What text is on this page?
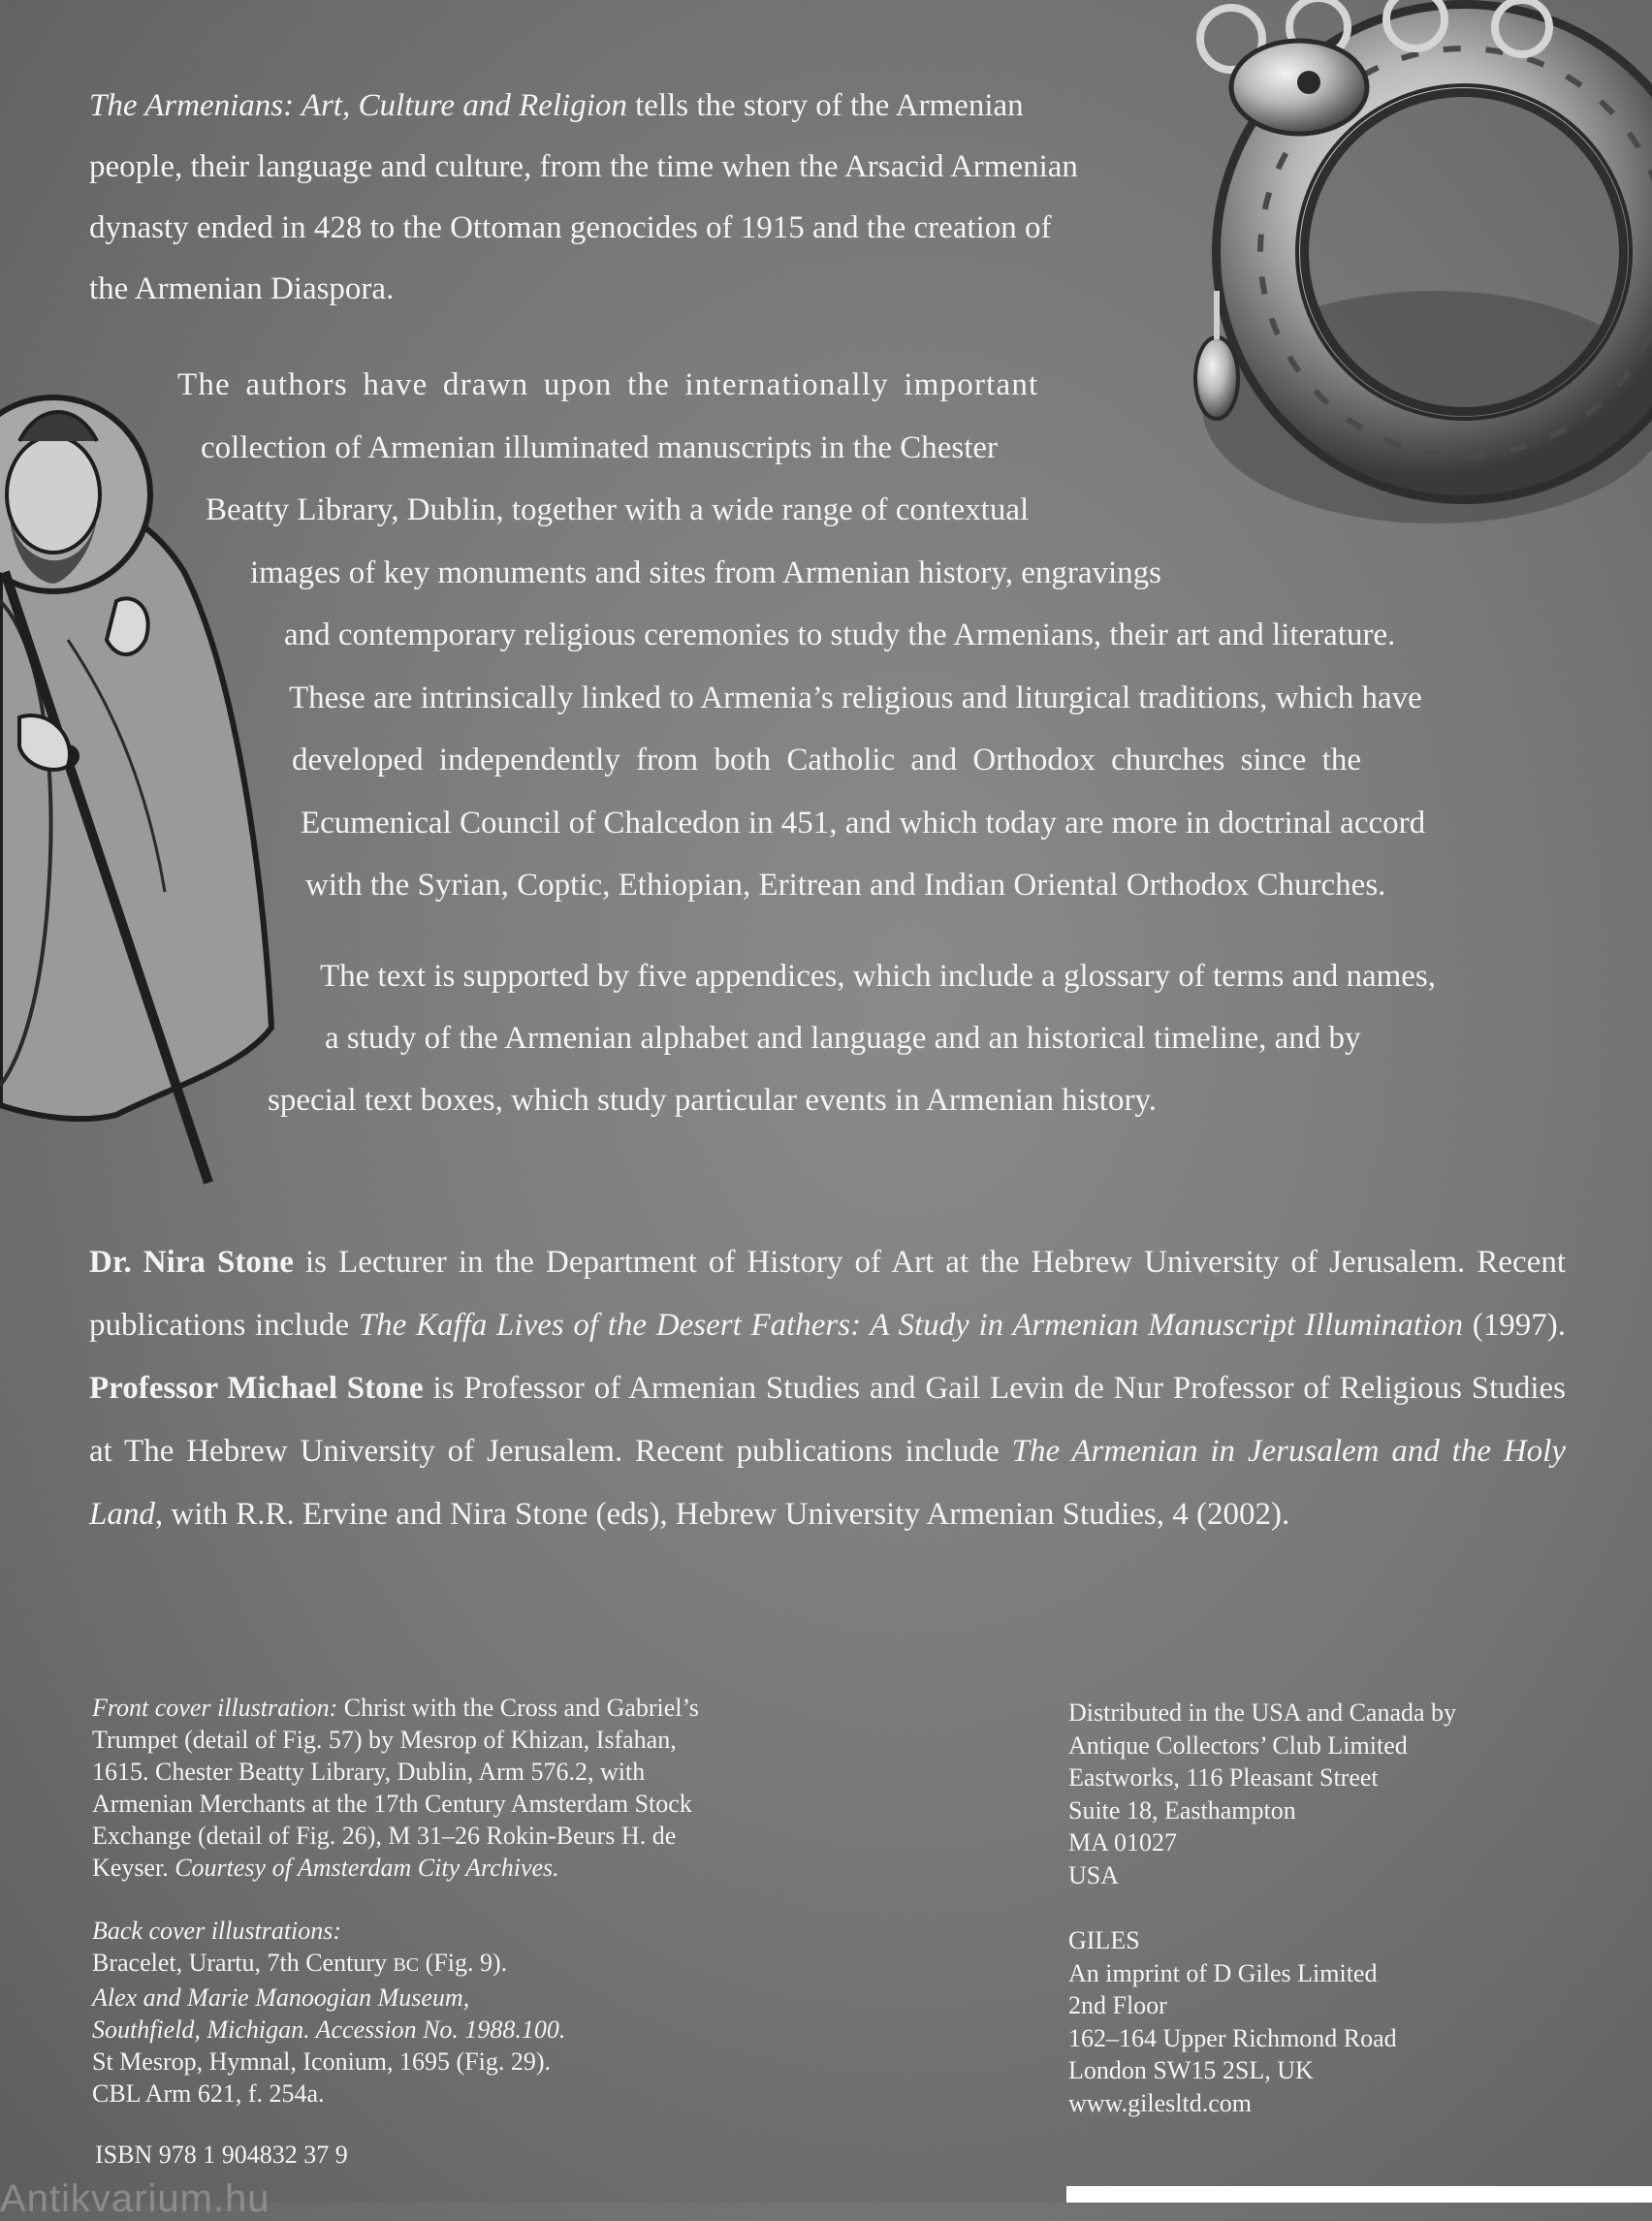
The Armenians: Art, Culture and Religion tells the story of the Armenian

people, their language and culture, from the time when the Arsacid Armenian

dynasty ended in 428 to the Ottoman genocides of 1915 and the creation of

the Armenian Diaspora.

The authors have drawn upon the internationally important

collection of Armenian illuminated manuscripts in the Chester

Beatty Library, Dublin, together with a wide range of contextual

images of key monuments and sites from Armenian history, engravings

and contemporary religious ceremonies to study the Armenians, their art and literature.

These are intrinsically linked to Armenia’s religious and liturgical traditions, which have

developed independently from both Catholic and Orthodox churches since the

Ecumenical Council of Chalcedon in 451, and which today are more in doctrinal accord

with the Syrian, Coptic, Ethiopian, Eritrean and Indian Oriental Orthodox Churches.

The text is supported by five appendices, which include a glossary of terms and names,

a study of the Armenian alphabet and language and an historical timeline, and by

special text boxes, which study particular events in Armenian history.

Dr. Nira Stone is Lecturer in the Department of History of Art at the Hebrew University of Jerusalem. Recent publications include The Kaffa Lives of the Desert Fathers: A Study in Armenian Manuscript Illumination (1997). Professor Michael Stone is Professor of Armenian Studies and Gail Levin de Nur Professor of Religious Studies at The Hebrew University of Jerusalem. Recent publications include The Armenian in Jerusalem and the Holy Land, with R.R. Ervine and Nira Stone (eds), Hebrew University Armenian Studies, 4 (2002).

Front cover illustration: Christ with the Cross and Gabriel’s

Trumpet (detail of Fig. 57) by Mesrop of Khizan, Isfahan,

1615. Chester Beatty Library, Dublin, Arm 576.2, with

Armenian Merchants at the 17th Century Amsterdam Stock

Exchange (detail of Fig. 26), M 31–26 Rokin-Beurs H. de

Keyser. Courtesy of Amsterdam City Archives.

Back cover illustrations:

Bracelet, Urartu, 7th Century BC (Fig. 9).

Alex and Marie Manoogian Museum,

Southfield, Michigan. Accession No. 1988.100.

St Mesrop, Hymnal, Iconium, 1695 (Fig. 29).

CBL Arm 621, f. 254a.

ISBN 978 1 904832 37 9

Distributed in the USA and Canada by

Antique Collectors’ Club Limited

Eastworks, 116 Pleasant Street

Suite 18, Easthampton

MA 01027

USA

GILES

An imprint of D Giles Limited

2nd Floor

162–164 Upper Richmond Road

London SW15 2SL, UK

www.gilesltd.com

Antikvarium.hu
